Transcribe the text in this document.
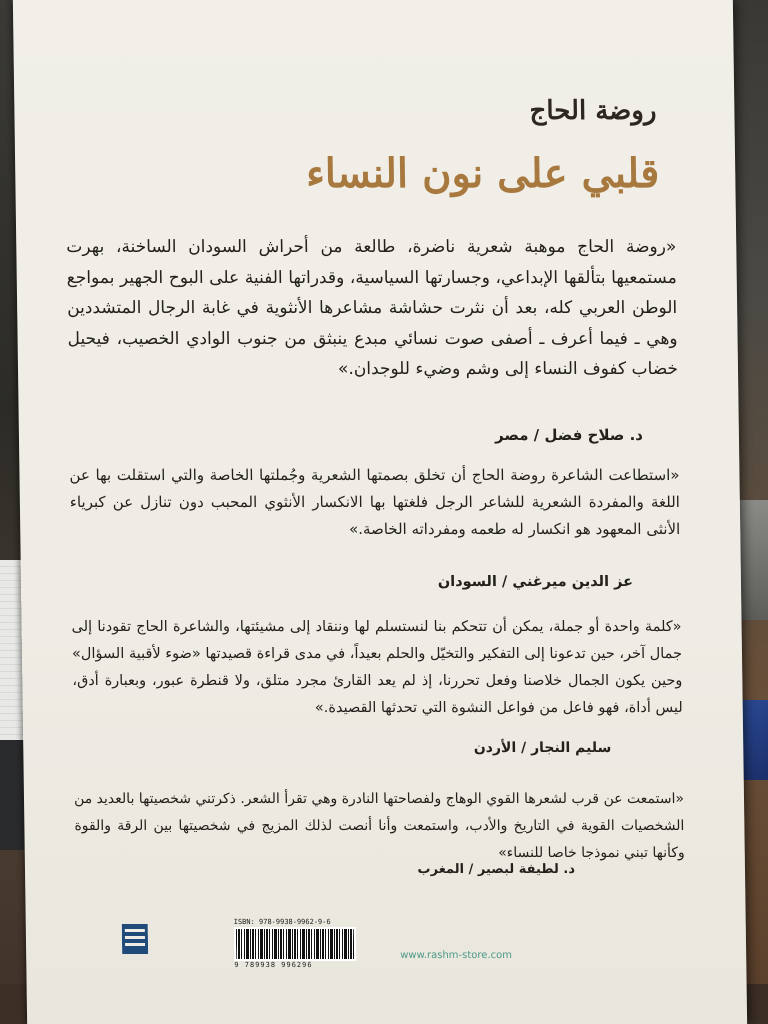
روضة الحاج
قلبي على نون النساء
«روضة الحاج موهبة شعرية ناضرة، طالعة من أحراش السودان الساخنة، بهرت مستمعيها بتألقها الإبداعي، وجسارتها السياسية، وقدراتها الفنية على البوح الجهير بمواجع الوطن العربي كله، بعد أن نثرت حشاشة مشاعرها الأنثوية في غابة الرجال المتشددين وهي ـ فيما أعرف ـ أصفى صوت نسائي مبدع ينبثق من جنوب الوادي الخصيب، فيحيل خضاب كفوف النساء إلى وشم وضيء للوجدان.»
د. صلاح فضل / مصر
«استطاعت الشاعرة روضة الحاج أن تخلق بصمتها الشعرية وجُملتها الخاصة والتي استقلت بها عن اللغة والمفردة الشعرية للشاعر الرجل فلغتها بها الانكسار الأنثوي المحبب دون تنازل عن كبرياء الأنثى المعهود هو انكسار له طعمه ومفرداته الخاصة.»
عز الدين ميرغني / السودان
«كلمة واحدة أو جملة، يمكن أن تتحكم بنا لنستسلم لها وننقاد إلى مشيئتها، والشاعرة الحاج تقودنا إلى جمال آخر، حين تدعونا إلى التفكير والتخيّل والحلم بعيداً، في مدى قراءة قصيدتها «ضوء لأقبية السؤال» وحين يكون الجمال خلاصنا وفعل تحررنا، إذ لم يعد القارئ مجرد متلق، ولا قنطرة عبور، وبعبارة أدق، ليس أداة، فهو فاعل من فواعل النشوة التي تحدثها القصيدة.»
سليم النجار / الأردن
«استمعت عن قرب لشعرها القوي الوهاج ولفصاحتها النادرة وهي تقرأ الشعر. ذكرتني شخصيتها بالعديد من الشخصيات القوية في التاريخ والأدب، واستمعت وأنا أنصت لذلك المزيج في شخصيتها بين الرقة والقوة وكأنها تبني نموذجا خاصا للنساء»
د. لطيفة لبصير / المغرب
ISBN: 978-9938-9962-9-6
9 789938 996296
www.rashm-store.com
